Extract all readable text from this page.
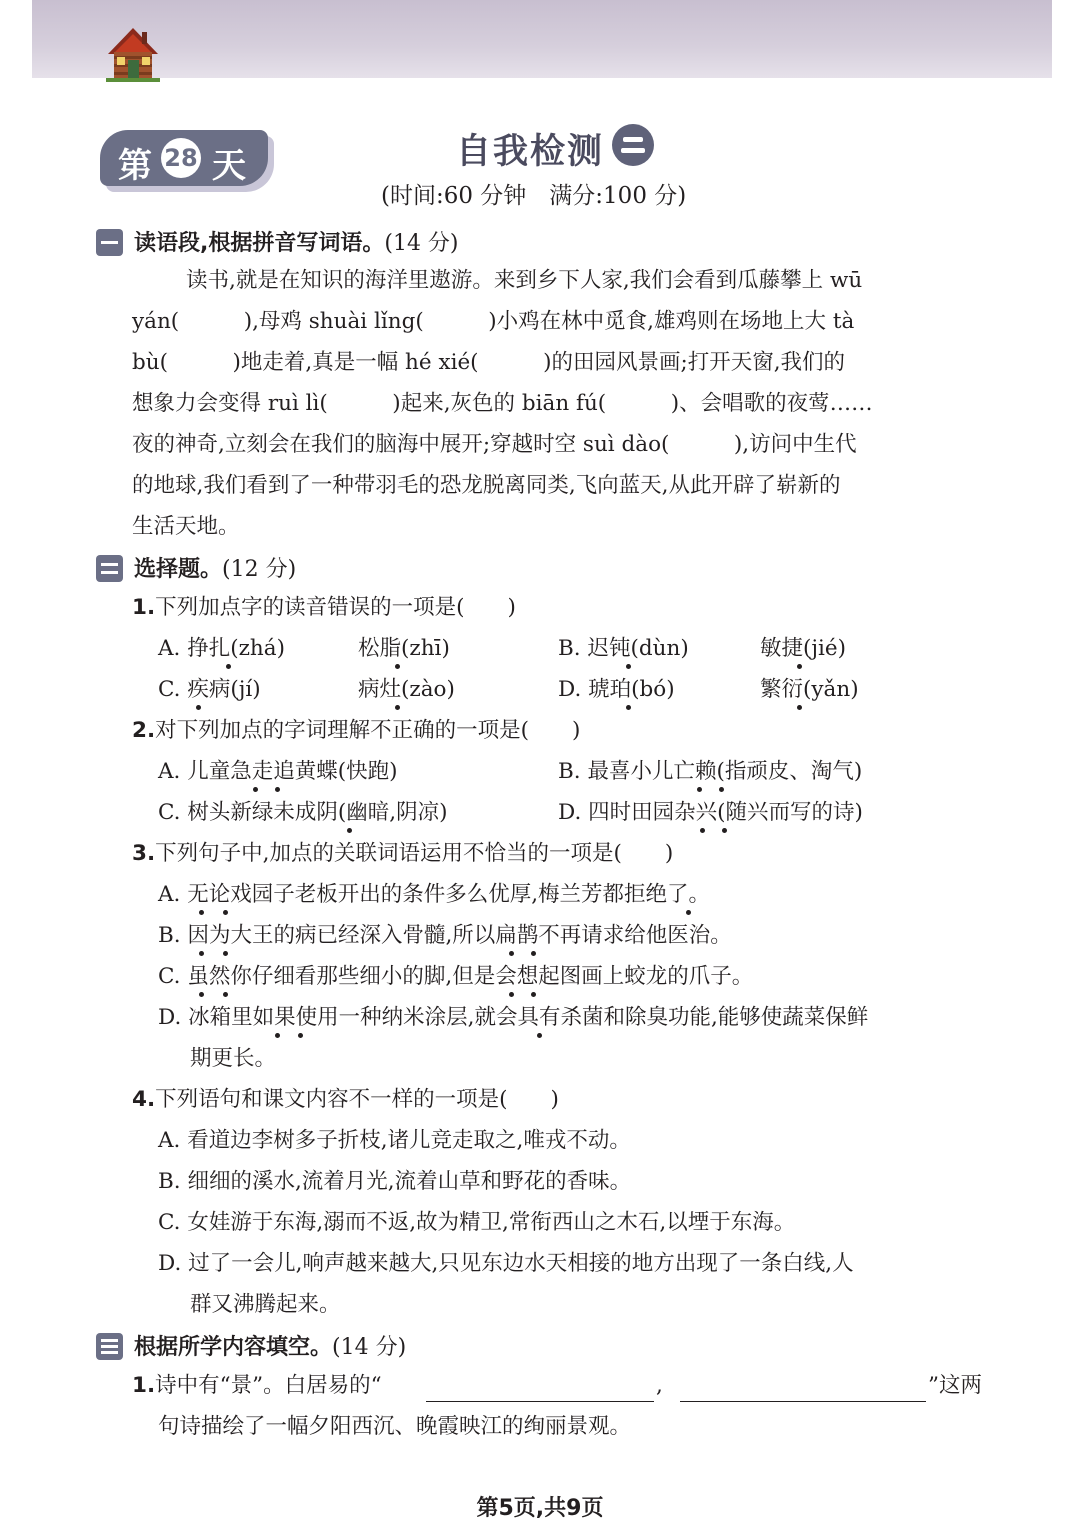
第 28 天	自我检测
(时间:60 分钟　满分:100 分)
读语段,根据拼音写词语。(14 分)
读书,就是在知识的海洋里遨游。来到乡下人家,我们会看到瓜藤攀上 wū
yán(　　　),母鸡 shuài lǐng(　　　)小鸡在林中觅食,雄鸡则在场地上大 tà
bù(　　　)地走着,真是一幅 hé xié(　　　)的田园风景画;打开天窗,我们的
想象力会变得 ruì lì(　　　)起来,灰色的 biān fú(　　　)、会唱歌的夜莺……
夜的神奇,立刻会在我们的脑海中展开;穿越时空 suì dào(　　　),访问中生代
的地球,我们看到了一种带羽毛的恐龙脱离同类,飞向蓝天,从此开辟了崭新的
生活天地。
选择题。(12 分)
1.下列加点字的读音错误的一项是(　　)
A. 挣扎(zhá)	松脂(zhī)	B. 迟钝(dùn)	敏捷(jié)
C. 疾病(jí)	病灶(zào)	D. 琥珀(bó)	繁衍(yǎn)
2.对下列加点的字词理解不正确的一项是(　　)
A. 儿童急走追黄蝶(快跑)	B. 最喜小儿亡赖(指顽皮、淘气)
C. 树头新绿未成阴(幽暗,阴凉)	D. 四时田园杂兴(随兴而写的诗)
3.下列句子中,加点的关联词语运用不恰当的一项是(　　)
A. 无论戏园子老板开出的条件多么优厚,梅兰芳都拒绝了。
B. 因为大王的病已经深入骨髓,所以扁鹊不再请求给他医治。
C. 虽然你仔细看那些细小的脚,但是会想起图画上蛟龙的爪子。
D. 冰箱里如果使用一种纳米涂层,就会具有杀菌和除臭功能,能够使蔬菜保鲜
期更长。
4.下列语句和课文内容不一样的一项是(　　)
A. 看道边李树多子折枝,诸儿竞走取之,唯戎不动。
B. 细细的溪水,流着月光,流着山草和野花的香味。
C. 女娃游于东海,溺而不返,故为精卫,常衔西山之木石,以堙于东海。
D. 过了一会儿,响声越来越大,只见东边水天相接的地方出现了一条白线,人
群又沸腾起来。
根据所学内容填空。(14 分)
1.诗中有“景”。白居易的“	,	”这两
句诗描绘了一幅夕阳西沉、晚霞映江的绚丽景观。
第5页,共9页
